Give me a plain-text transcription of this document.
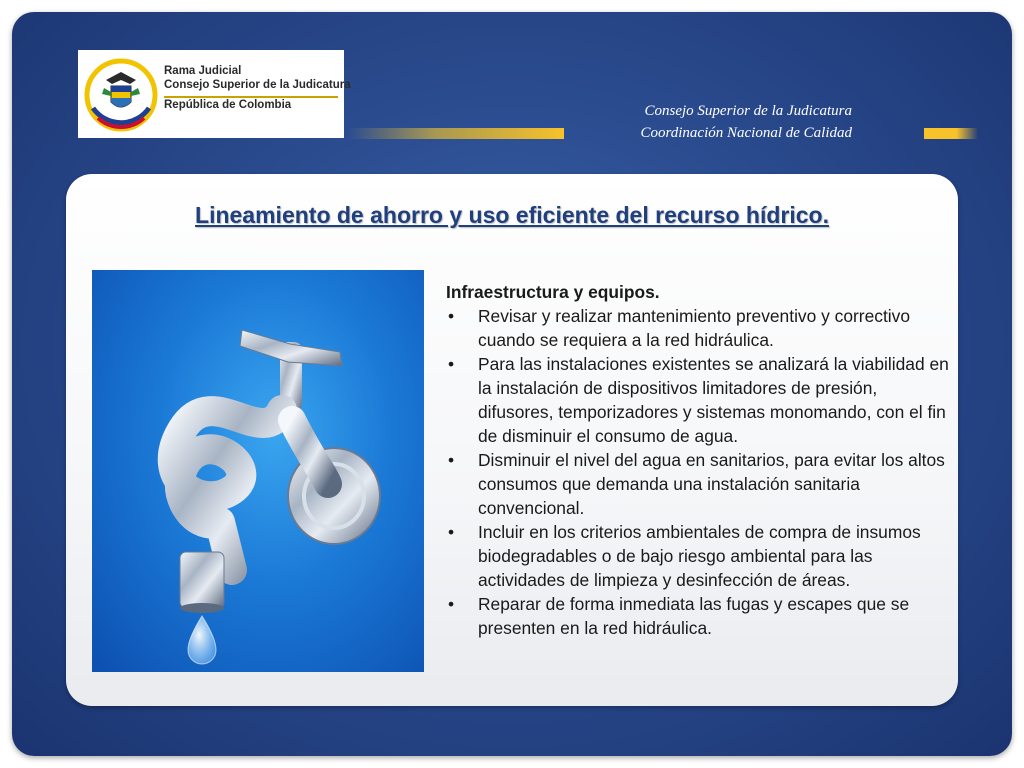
Rama Judicial
Consejo Superior de la Judicatura
República de Colombia	Consejo Superior de la Judicatura
Coordinación Nacional de Calidad
Lineamiento de ahorro y uso eficiente del recurso hídrico.
Infraestructura y equipos.
• Revisar y realizar mantenimiento preventivo y correctivo cuando se requiera a la red hidráulica.
• Para las instalaciones existentes se analizará la viabilidad en la instalación de dispositivos limitadores de presión, difusores, temporizadores y sistemas monomando, con el fin de disminuir el consumo de agua.
• Disminuir el nivel del agua en sanitarios, para evitar los altos consumos que demanda una instalación sanitaria convencional.
• Incluir en los criterios ambientales de compra de insumos biodegradables o de bajo riesgo ambiental para las actividades de limpieza y desinfección de áreas.
• Reparar de forma inmediata las fugas y escapes que se presenten en la red hidráulica.
